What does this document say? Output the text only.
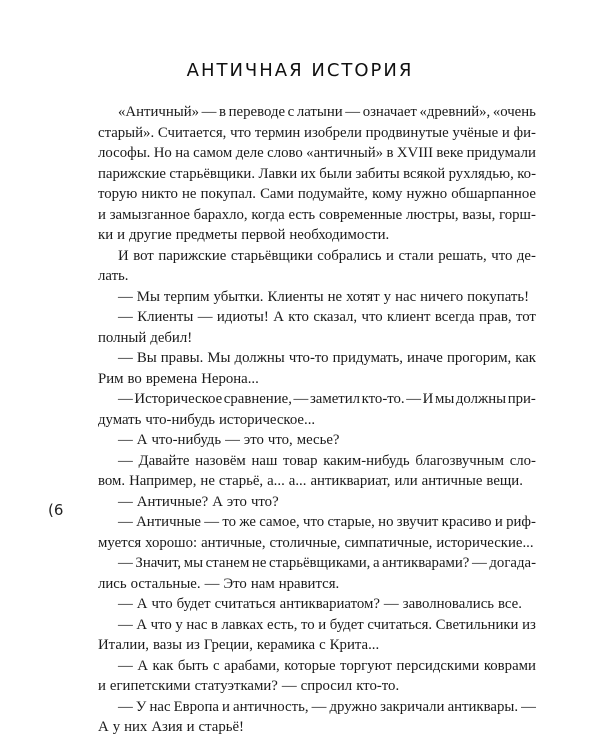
АНТИЧНАЯ ИСТОРИЯ
«Античный» — в переводе с латыни — означает «древний», «очень
старый». Считается, что термин изобрели продвинутые учёные и фи-
лософы. Но на самом деле слово «античный» в XVIII веке придумали
парижские старьёвщики. Лавки их были забиты всякой рухлядью, ко-
торую никто не покупал. Сами подумайте, кому нужно обшарпанное
и замызганное барахло, когда есть современные люстры, вазы, горш-
ки и другие предметы первой необходимости.
И вот парижские старьёвщики собрались и стали решать, что де-
лать.
— Мы терпим убытки. Клиенты не хотят у нас ничего покупать!
— Клиенты — идиоты! А кто сказал, что клиент всегда прав, тот
полный дебил!
— Вы правы. Мы должны что-то придумать, иначе прогорим, как
Рим во времена Нерона...
— Историческое сравнение, — заметил кто-то. — И мы должны при-
думать что-нибудь историческое...
— А что-нибудь — это что, месье?
— Давайте назовём наш товар каким-нибудь благозвучным сло-
вом. Например, не старьё, а... а... антиквариат, или античные вещи.
— Античные? А это что?
— Античные — то же самое, что старые, но звучит красиво и риф-
муется хорошо: античные, столичные, симпатичные, исторические...
— Значит, мы станем не старьёвщиками, а антикварами? — догада-
лись остальные. — Это нам нравится.
— А что будет считаться антиквариатом? — заволновались все.
— А что у нас в лавках есть, то и будет считаться. Светильники из
Италии, вазы из Греции, керамика с Крита...
— А как быть с арабами, которые торгуют персидскими коврами
и египетскими статуэтками? — спросил кто-то.
— У нас Европа и античность, — дружно закричали антиквары. —
А у них Азия и старьё!
(6
